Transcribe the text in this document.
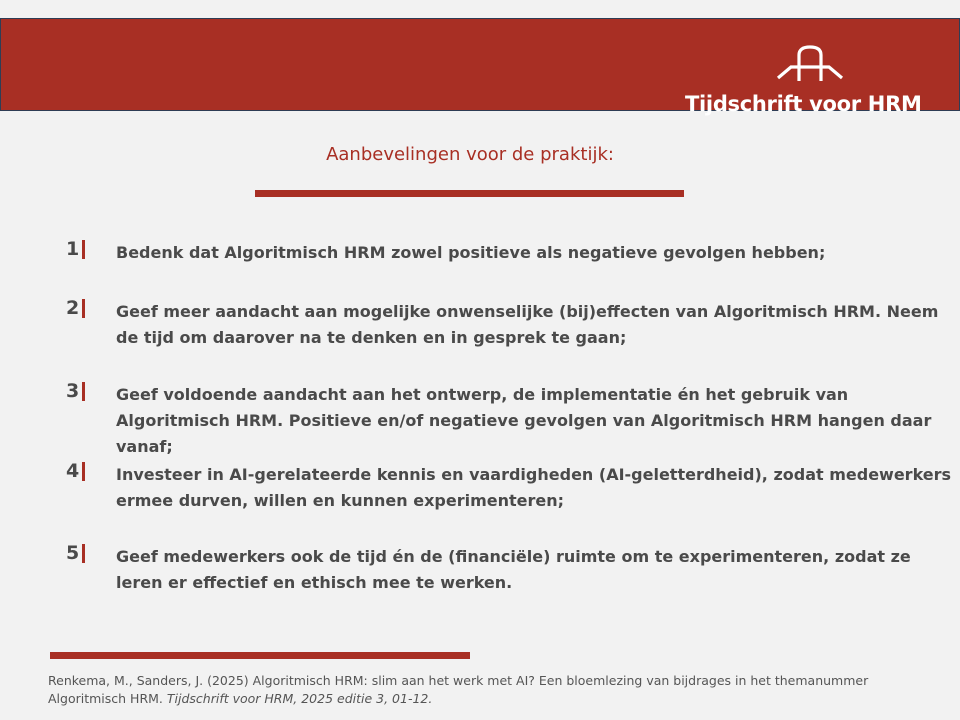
Tijdschrift voor HRM
Aanbevelingen voor de praktijk:
1	Bedenk dat Algoritmisch HRM zowel positieve als negatieve gevolgen hebben;
2	Geef meer aandacht aan mogelijke onwenselijke (bij)effecten van Algoritmisch HRM. Neem de tijd om daarover na te denken en in gesprek te gaan;
3	Geef voldoende aandacht aan het ontwerp, de implementatie én het gebruik van Algoritmisch HRM. Positieve en/of negatieve gevolgen van Algoritmisch HRM hangen daar vanaf;
4	Investeer in AI-gerelateerde kennis en vaardigheden (AI-geletterdheid), zodat medewerkers ermee durven, willen en kunnen experimenteren;
5	Geef medewerkers ook de tijd én de (financiële) ruimte om te experimenteren, zodat ze leren er effectief en ethisch mee te werken.
Renkema, M., Sanders, J. (2025) Algoritmisch HRM: slim aan het werk met AI? Een bloemlezing van bijdrages in het themanummer Algoritmisch HRM. Tijdschrift voor HRM, 2025 editie 3, 01-12.
